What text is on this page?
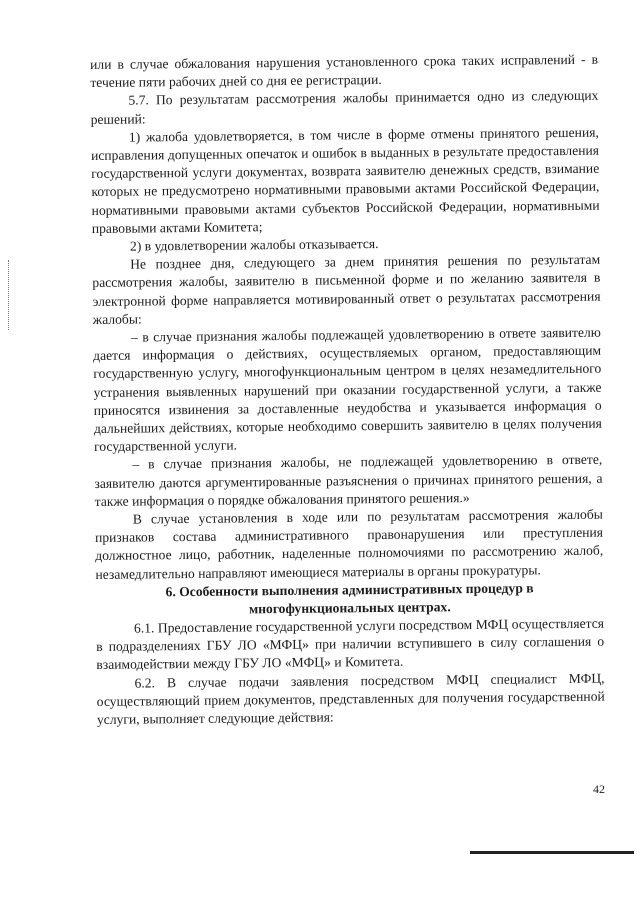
или в случае обжалования нарушения установленного срока таких исправлений - в течение пяти рабочих дней со дня ее регистрации.

5.7. По результатам рассмотрения жалобы принимается одно из следующих решений:

1) жалоба удовлетворяется, в том числе в форме отмены принятого решения, исправления допущенных опечаток и ошибок в выданных в результате предоставления государственной услуги документах, возврата заявителю денежных средств, взимание которых не предусмотрено нормативными правовыми актами Российской Федерации, нормативными правовыми актами субъектов Российской Федерации, нормативными правовыми актами Комитета;

2) в удовлетворении жалобы отказывается.

Не позднее дня, следующего за днем принятия решения по результатам рассмотрения жалобы, заявителю в письменной форме и по желанию заявителя в электронной форме направляется мотивированный ответ о результатах рассмотрения жалобы:

– в случае признания жалобы подлежащей удовлетворению в ответе заявителю дается информация о действиях, осуществляемых органом, предоставляющим государственную услугу, многофункциональным центром в целях незамедлительного устранения выявленных нарушений при оказании государственной услуги, а также приносятся извинения за доставленные неудобства и указывается информация о дальнейших действиях, которые необходимо совершить заявителю в целях получения государственной услуги.

– в случае признания жалобы, не подлежащей удовлетворению в ответе, заявителю даются аргументированные разъяснения о причинах принятого решения, а также информация о порядке обжалования принятого решения.»

В случае установления в ходе или по результатам рассмотрения жалобы признаков состава административного правонарушения или преступления должностное лицо, работник, наделенные полномочиями по рассмотрению жалоб, незамедлительно направляют имеющиеся материалы в органы прокуратуры.

6. Особенности выполнения административных процедур в многофункциональных центрах.

6.1. Предоставление государственной услуги посредством МФЦ осуществляется в подразделениях ГБУ ЛО «МФЦ» при наличии вступившего в силу соглашения о взаимодействии между ГБУ ЛО «МФЦ» и Комитета.

6.2. В случае подачи заявления посредством МФЦ специалист МФЦ, осуществляющий прием документов, представленных для получения государственной услуги, выполняет следующие действия:

42
